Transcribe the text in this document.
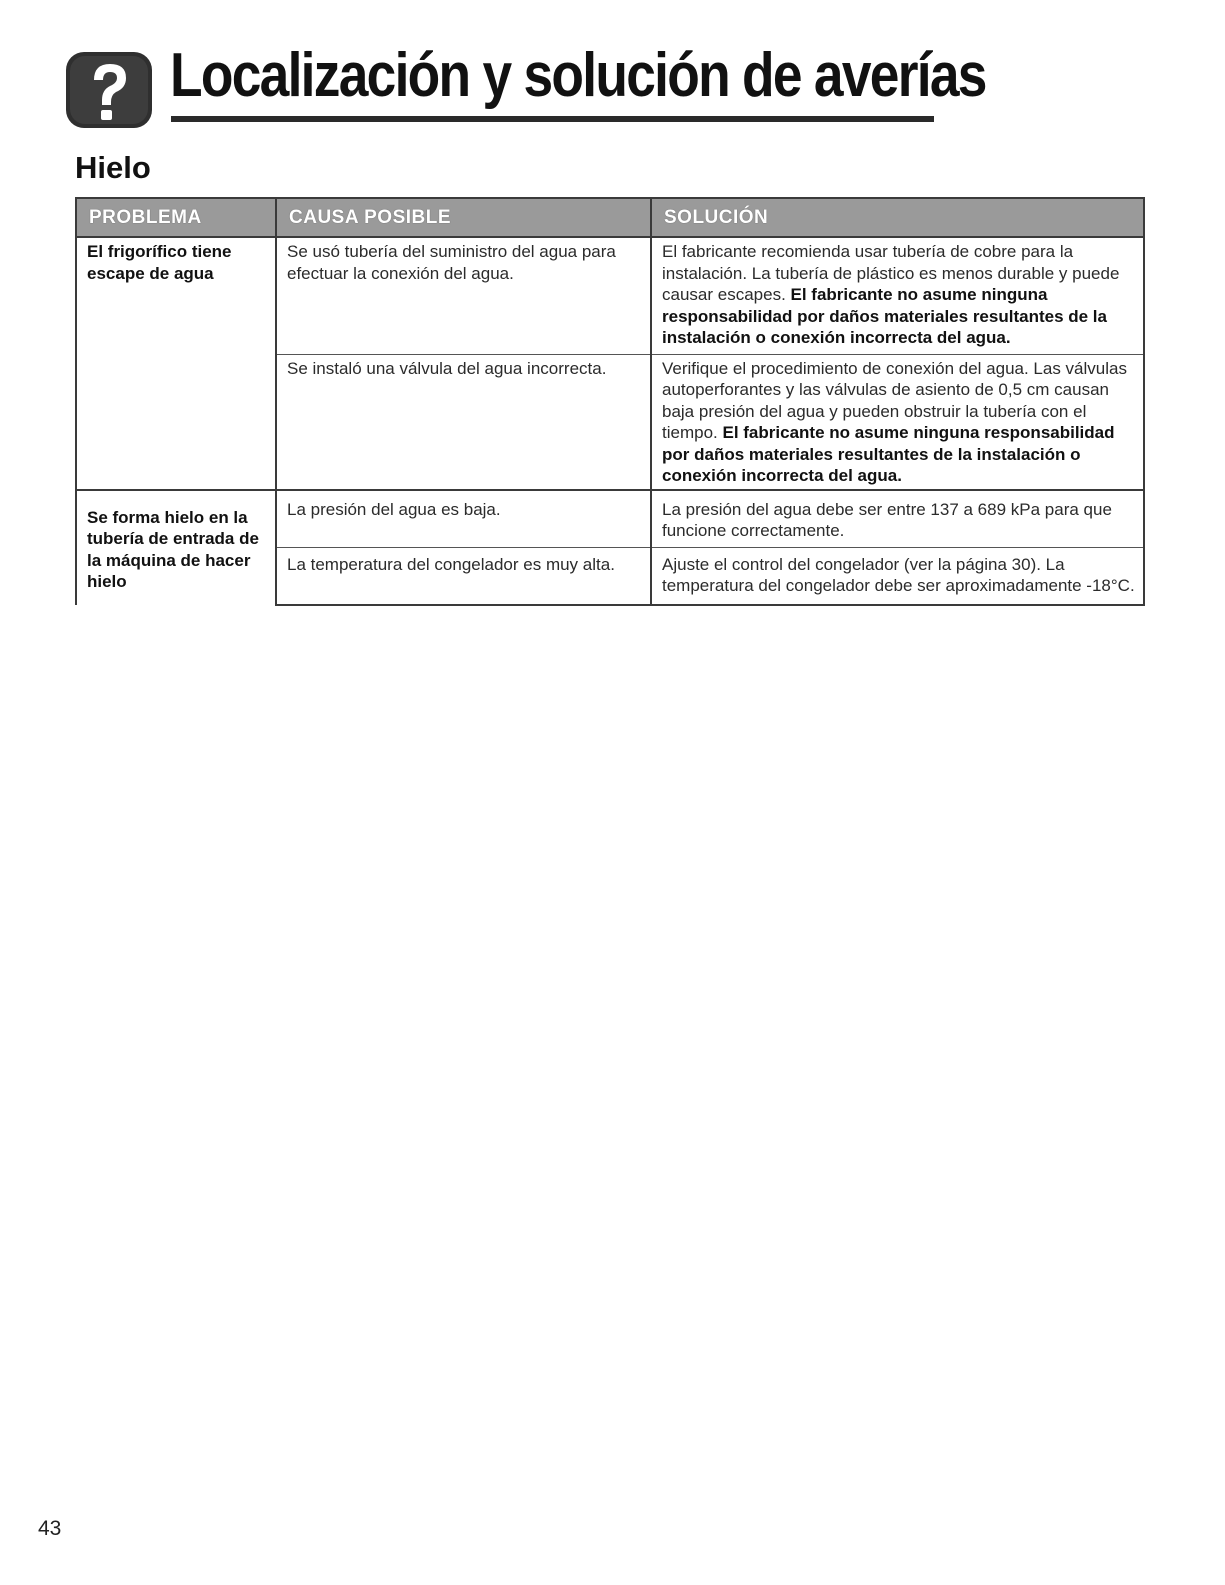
Localización y solución de averías
Hielo
PROBLEMA	CAUSA POSIBLE	SOLUCIÓN
El frigorífico tiene escape de agua	Se usó tubería del suministro del agua para efectuar la conexión del agua.	El fabricante recomienda usar tubería de cobre para la instalación. La tubería de plástico es menos durable y puede causar escapes. El fabricante no asume ninguna responsabilidad por daños materiales resultantes de la instalación o conexión incorrecta del agua.
	Se instaló una válvula del agua incorrecta.	Verifique el procedimiento de conexión del agua. Las válvulas autoperforantes y las válvulas de asiento de 0,5 cm causan baja presión del agua y pueden obstruir la tubería con el tiempo. El fabricante no asume ninguna responsabilidad por daños materiales resultantes de la instalación o conexión incorrecta del agua.
Se forma hielo en la tubería de entrada de la máquina de hacer hielo	La presión del agua es baja.	La presión del agua debe ser entre 137 a 689 kPa para que funcione correctamente.
	La temperatura del congelador es muy alta.	Ajuste el control del congelador (ver la página 30). La temperatura del congelador debe ser aproximadamente -18°C.
43
